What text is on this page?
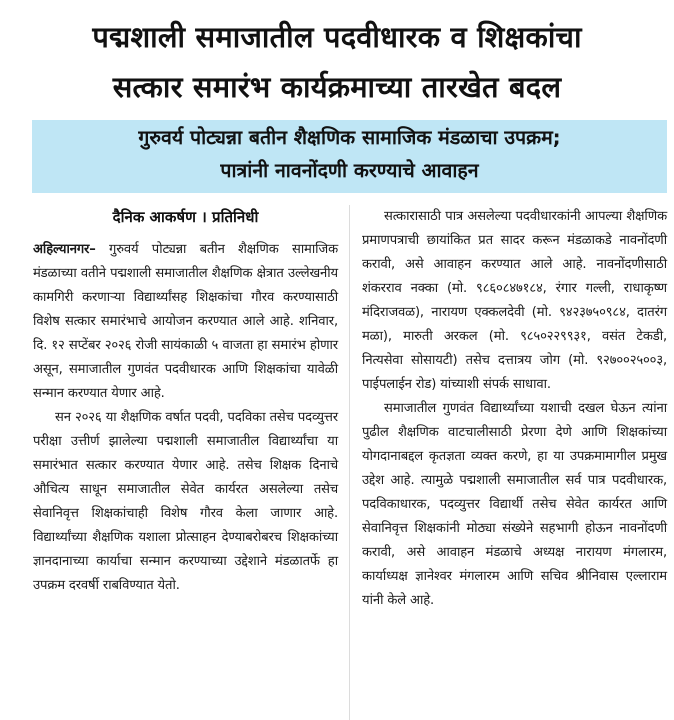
पद्मशाली समाजातील पदवीधारक व शिक्षकांचा
सत्कार समारंभ कार्यक्रमाच्या तारखेत बदल
गुरुवर्य पोट्यन्ना बतीन शैक्षणिक सामाजिक मंडळाचा उपक्रम;
पात्रांनी नावनोंदणी करण्याचे आवाहन
दैनिक आकर्षण । प्रतिनिधी

अहिल्यानगर– गुरुवर्य पोट्यन्ना बतीन शैक्षणिक सामाजिक मंडळाच्या वतीने पद्मशाली समाजातील शैक्षणिक क्षेत्रात उल्लेखनीय कामगिरी करणाऱ्या विद्यार्थ्यांसह शिक्षकांचा गौरव करण्यासाठी विशेष सत्कार समारंभाचे आयोजन करण्यात आले आहे. शनिवार, दि. १२ सप्टेंबर २०२६ रोजी सायंकाळी ५ वाजता हा समारंभ होणार असून, समाजातील गुणवंत पदवीधारक आणि शिक्षकांचा यावेळी सन्मान करण्यात येणार आहे.

सन २०२६ या शैक्षणिक वर्षात पदवी, पदविका तसेच पदव्युत्तर परीक्षा उत्तीर्ण झालेल्या पद्मशाली समाजातील विद्यार्थ्यांचा या समारंभात सत्कार करण्यात येणार आहे. तसेच शिक्षक दिनाचे औचित्य साधून समाजातील सेवेत कार्यरत असलेल्या तसेच सेवानिवृत्त शिक्षकांचाही विशेष गौरव केला जाणार आहे. विद्यार्थ्यांच्या शैक्षणिक यशाला प्रोत्साहन देण्याबरोबरच शिक्षकांच्या ज्ञानदानाच्या कार्याचा सन्मान करण्याच्या उद्देशाने मंडळातर्फे हा उपक्रम दरवर्षी राबविण्यात येतो.

सत्कारासाठी पात्र असलेल्या पदवीधारकांनी आपल्या शैक्षणिक प्रमाणपत्राची छायांकित प्रत सादर करून मंडळाकडे नावनोंदणी करावी, असे आवाहन करण्यात आले आहे. नावनोंदणीसाठी शंकरराव नक्का (मो. ९८६०८४७१८४, रंगार गल्ली, राधाकृष्ण मंदिराजवळ), नारायण एक्कलदेवी (मो. ९४२३७५०९८४, दातरंग मळा), मारुती अरकल (मो. ९८५०२२९९३१, वसंत टेकडी, नित्यसेवा सोसायटी) तसेच दत्तात्रय जोग (मो. ९२७००२५००३, पाईपलाईन रोड) यांच्याशी संपर्क साधावा.

समाजातील गुणवंत विद्यार्थ्यांच्या यशाची दखल घेऊन त्यांना पुढील शैक्षणिक वाटचालीसाठी प्रेरणा देणे आणि शिक्षकांच्या योगदानाबद्दल कृतज्ञता व्यक्त करणे, हा या उपक्रमामागील प्रमुख उद्देश आहे. त्यामुळे पद्मशाली समाजातील सर्व पात्र पदवीधारक, पदविकाधारक, पदव्युत्तर विद्यार्थी तसेच सेवेत कार्यरत आणि सेवानिवृत्त शिक्षकांनी मोठ्या संख्येने सहभागी होऊन नावनोंदणी करावी, असे आवाहन मंडळाचे अध्यक्ष नारायण मंगलारम, कार्याध्यक्ष ज्ञानेश्वर मंगलारम आणि सचिव श्रीनिवास एल्लाराम यांनी केले आहे.
